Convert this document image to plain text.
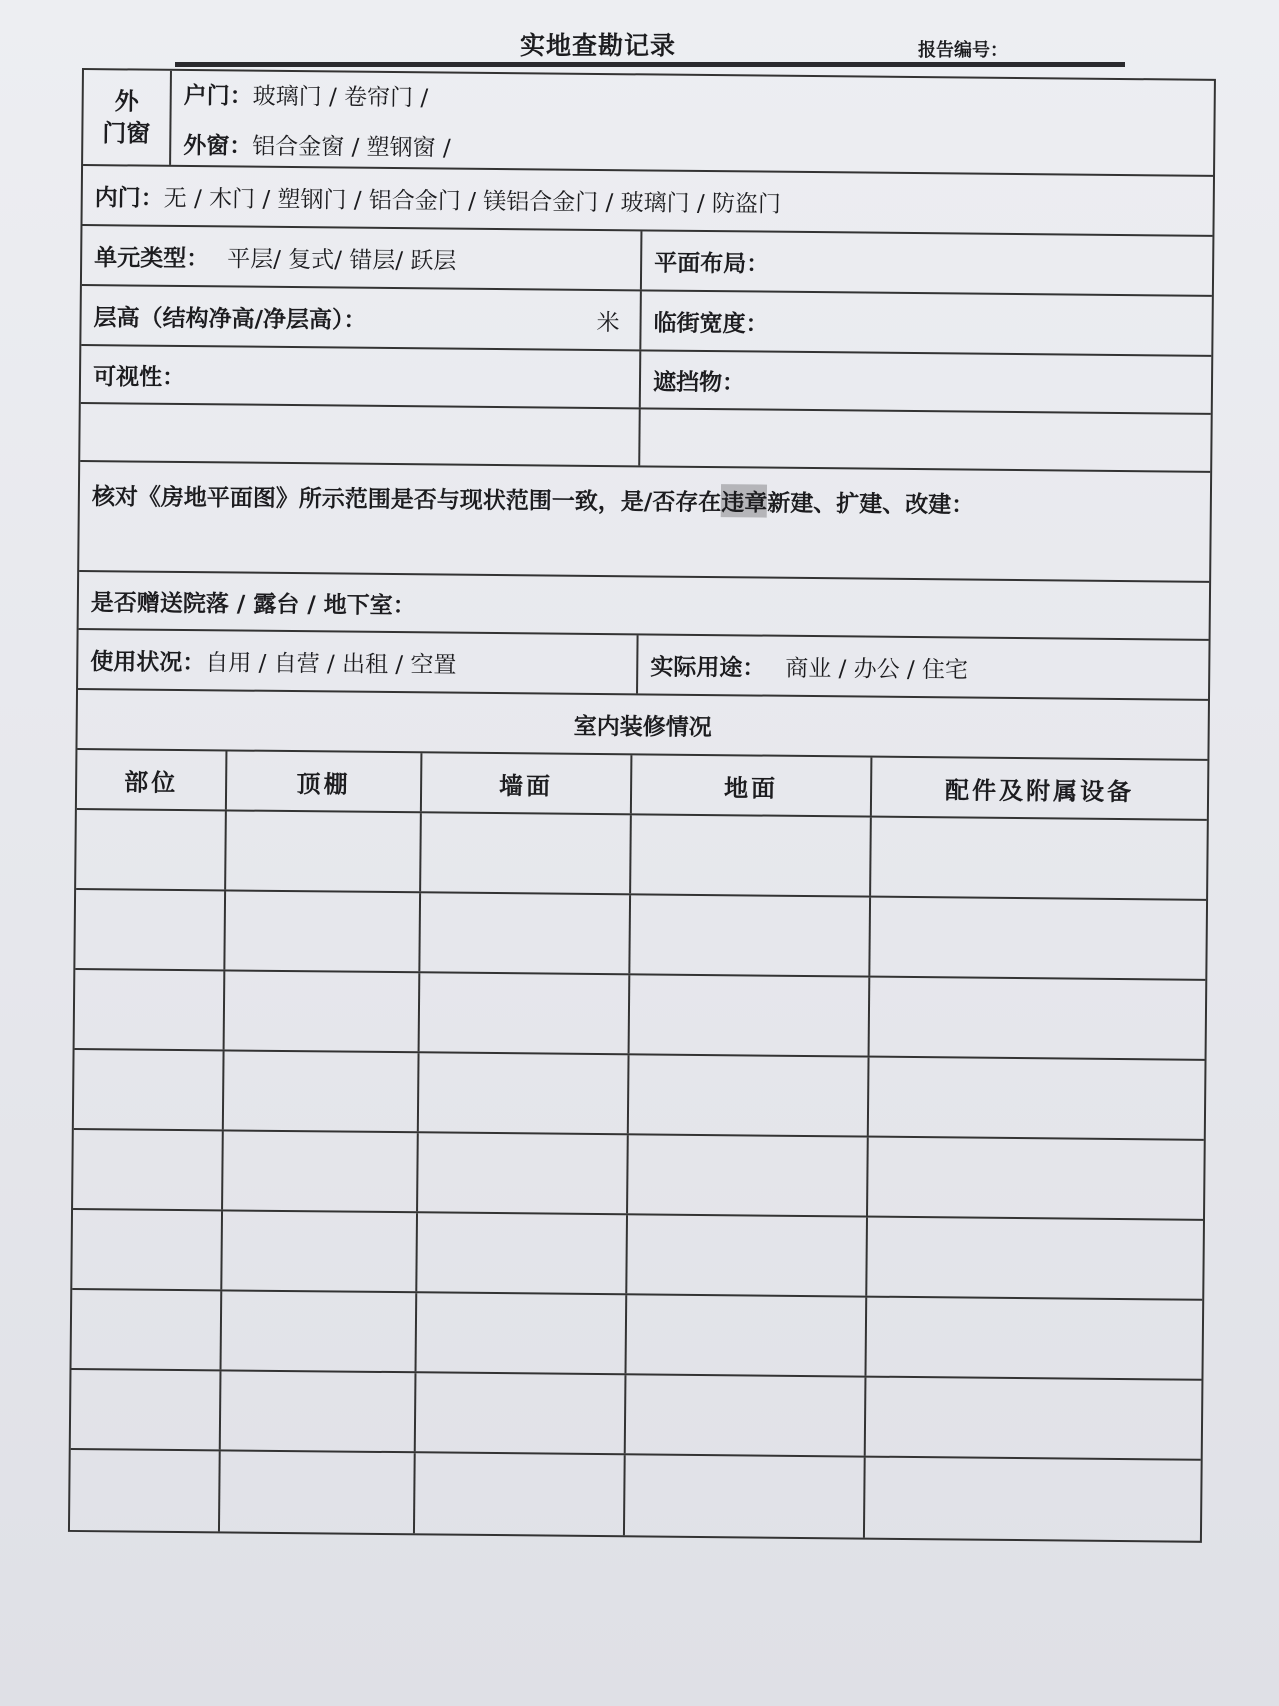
实地查勘记录	报告编号：
外
门窗
户门：玻璃门 / 卷帘门 /
外窗：铝合金窗 / 塑钢窗 /
内门： 无 / 木门 / 塑钢门 / 铝合金门 / 镁铝合金门 / 玻璃门 / 防盗门
单元类型： 平层/ 复式/ 错层/ 跃层	平面布局：
层高（结构净高/净层高）：	米	临街宽度：
可视性：	遮挡物：
核对《房地平面图》所示范围是否与现状范围一致，是/否存在 违章 新建、扩建、改建：
是否赠送院落 / 露台 / 地下室：
使用状况： 自用 / 自营 / 出租 / 空置	实际用途： 商业 / 办公 / 住宅
室内装修情况
部位	顶棚	墙面	地面	配件及附属设备
